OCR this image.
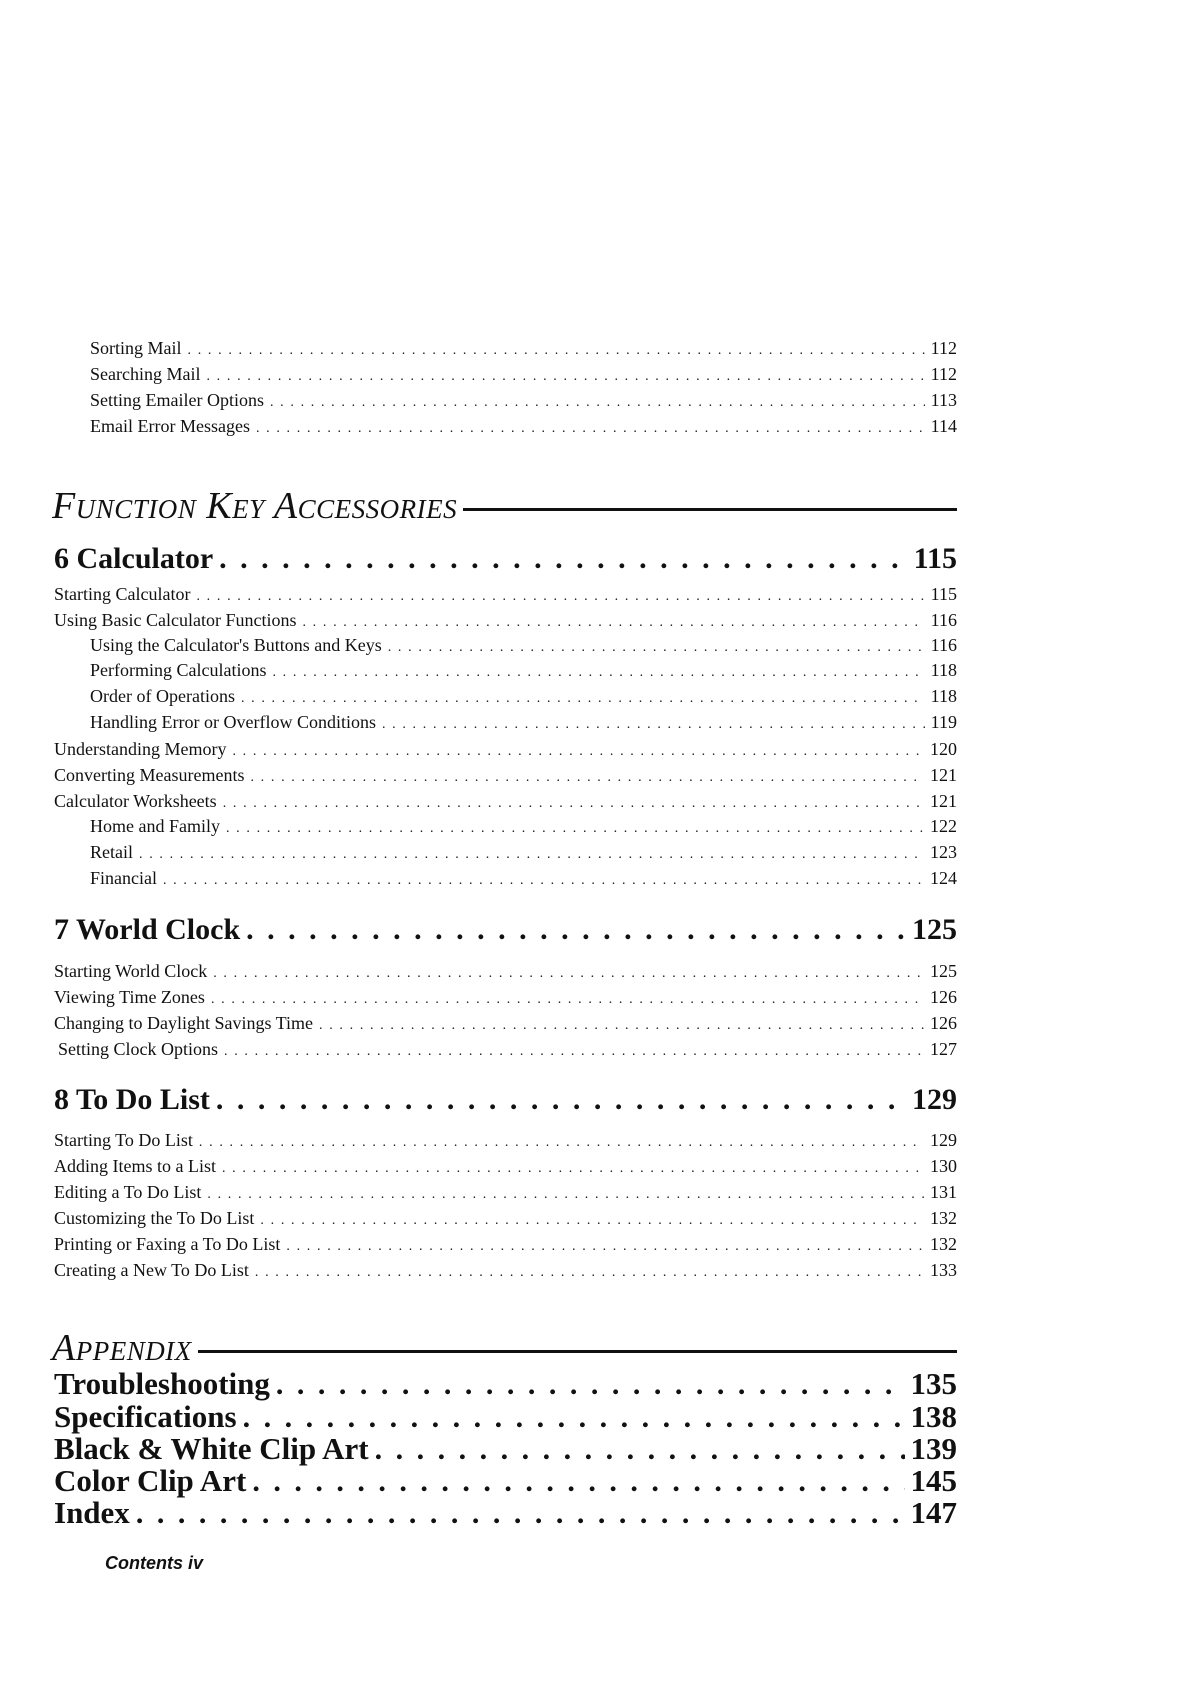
Sorting Mail . . .	112
Searching Mail . . .	112
Setting Emailer Options . . .	113
Email Error Messages . . .	114
Function Key Accessories
6 Calculator . . .	115
Starting Calculator . . .	115
Using Basic Calculator Functions . . .	116
Using the Calculator's Buttons and Keys . . .	116
Performing Calculations . . .	118
Order of Operations . . .	118
Handling Error or Overflow Conditions . . .	119
Understanding Memory . . .	120
Converting Measurements . . .	121
Calculator Worksheets . . .	121
Home and Family . . .	122
Retail . . .	123
Financial . . .	124
7 World Clock . . .	125
Starting World Clock . . .	125
Viewing Time Zones . . .	126
Changing to Daylight Savings Time . . .	126
Setting Clock Options . . .	127
8 To Do List . . .	129
Starting To Do List . . .	129
Adding Items to a List . . .	130
Editing a To Do List . . .	131
Customizing the To Do List . . .	132
Printing or Faxing a To Do List . . .	132
Creating a New To Do List . . .	133
Appendix
Troubleshooting . . .	135
Specifications . . .	138
Black & White Clip Art . . .	139
Color Clip Art . . .	145
Index . . .	147
Contents iv
